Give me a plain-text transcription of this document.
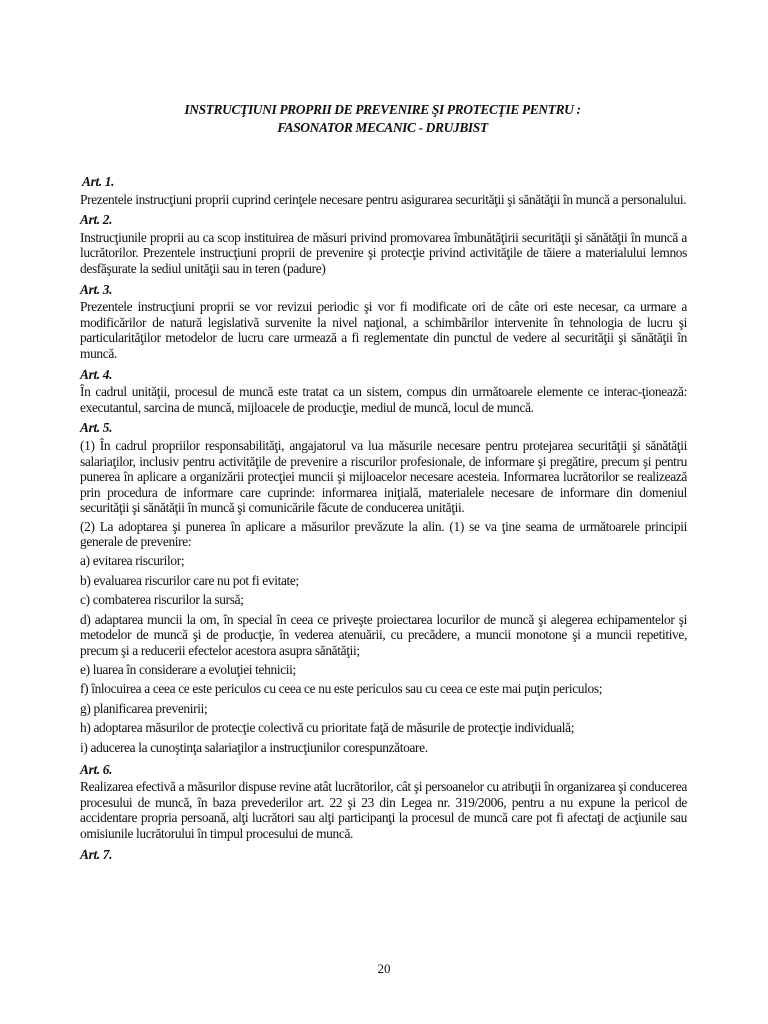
INSTRUCŢIUNI PROPRII DE PREVENIRE ŞI PROTECŢIE PENTRU :
FASONATOR MECANIC - DRUJBIST
Art. 1.

Prezentele instrucţiuni proprii cuprind cerinţele necesare pentru asigurarea securităţii şi sănătăţii în muncă a personalului.

Art. 2.

Instrucţiunile proprii au ca scop instituirea de măsuri privind promovarea îmbunătăţirii securităţii şi sănătăţii în muncă a lucrătorilor. Prezentele instrucţiuni proprii de prevenire şi protecţie privind activităţile de tăiere a materialului lemnos desfăşurate la sediul unităţii sau in teren (padure)

Art. 3.

Prezentele instrucţiuni proprii se vor revizui periodic şi vor fi modificate ori de câte ori este necesar, ca urmare a modificărilor de natură legislativă survenite la nivel naţional, a schimbărilor intervenite în tehnologia de lucru şi particularităţilor metodelor de lucru care urmează a fi reglementate din punctul de vedere al securităţii şi sănătăţii în muncă.

Art. 4.

În cadrul unităţii, procesul de muncă este tratat ca un sistem, compus din următoarele elemente ce interac-ţionează: executantul, sarcina de muncă, mijloacele de producţie, mediul de muncă, locul de muncă.

Art. 5.

(1) În cadrul propriilor responsabilităţi, angajatorul va lua măsurile necesare pentru protejarea securităţii şi sănătăţii salariaţilor, inclusiv pentru activităţile de prevenire a riscurilor profesionale, de informare şi pregătire, precum şi pentru punerea în aplicare a organizării protecţiei muncii şi mijloacelor necesare acesteia. Informarea lucrătorilor se realizează prin procedura de informare care cuprinde: informarea iniţială, materialele necesare de informare din domeniul securităţii şi sănătăţii în muncă şi comunicările făcute de conducerea unităţii.

(2) La adoptarea şi punerea în aplicare a măsurilor prevăzute la alin. (1) se va ţine seama de următoarele principii generale de prevenire:

a) evitarea riscurilor;

b) evaluarea riscurilor care nu pot fi evitate;

c) combaterea riscurilor la sursă;

d) adaptarea muncii la om, în special în ceea ce priveşte proiectarea locurilor de muncă şi alegerea echipamentelor şi metodelor de muncă şi de producţie, în vederea atenuării, cu precădere, a muncii monotone şi a muncii repetitive, precum şi a reducerii efectelor acestora asupra sănătăţii;

e) luarea în considerare a evoluţiei tehnicii;

f) înlocuirea a ceea ce este periculos cu ceea ce nu este periculos sau cu ceea ce este mai puţin periculos;

g) planificarea prevenirii;

h) adoptarea măsurilor de protecţie colectivă cu prioritate faţă de măsurile de protecţie individuală;

i) aducerea la cunoştinţa salariaţilor a instrucţiunilor corespunzătoare.

Art. 6.

Realizarea efectivă a măsurilor dispuse revine atât lucrătorilor, cât şi persoanelor cu atribuţii în organizarea şi conducerea procesului de muncă, în baza prevederilor art. 22 şi 23 din Legea nr. 319/2006, pentru a nu expune la pericol de accidentare propria persoană, alţi lucrători sau alţi participanţi la procesul de muncă care pot fi afectaţi de acţiunile sau omisiunile lucrătorului în timpul procesului de muncă.

Art. 7.
20
